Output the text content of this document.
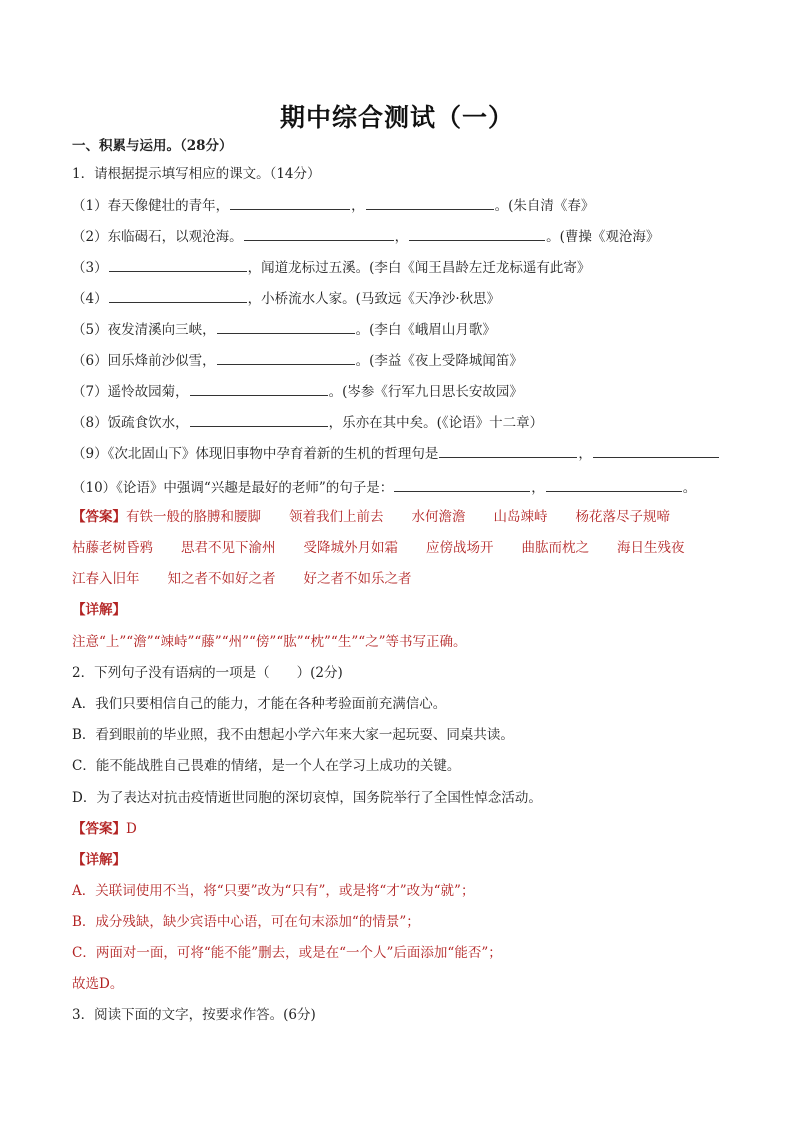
期中综合测试（一）
一、积累与运用。（28分）
1．请根据提示填写相应的课文。（14分）
（1）春天像健壮的青年，	，	。(朱自清《春》
（2）东临碣石，以观沧海。	，	。(曹操《观沧海》
（3）	，闻道龙标过五溪。(李白《闻王昌龄左迁龙标遥有此寄》
（4）	，小桥流水人家。(马致远《天净沙·秋思》
（5）夜发清溪向三峡，	。(李白《峨眉山月歌》
（6）回乐烽前沙似雪，	。(李益《夜上受降城闻笛》
（7）遥怜故园菊，	。(岑参《行军九日思长安故园》
（8）饭疏食饮水，	，乐亦在其中矣。(《论语》十二章）
（9）《次北固山下》体现旧事物中孕育着新的生机的哲理句是	，
（10）《论语》中强调“兴趣是最好的老师”的句子是：	，	。
【答案】有铁一般的胳膊和腰脚 领着我们上前去 水何澹澹 山岛竦峙 杨花落尽子规啼
枯藤老树昏鸦 思君不见下渝州 受降城外月如霜 应傍战场开 曲肱而枕之 海日生残夜
江春入旧年 知之者不如好之者 好之者不如乐之者
【详解】
注意“上”“澹”“竦峙”“藤”“州”“傍”“肱”“枕”“生”“之”等书写正确。
2．下列句子没有语病的一项是（　　）(2分)
A．我们只要相信自己的能力，才能在各种考验面前充满信心。
B．看到眼前的毕业照，我不由想起小学六年来大家一起玩耍、同桌共读。
C．能不能战胜自己畏难的情绪，是一个人在学习上成功的关键。
D．为了表达对抗击疫情逝世同胞的深切哀悼，国务院举行了全国性悼念活动。
【答案】D
【详解】
A．关联词使用不当，将“只要”改为“只有”，或是将“才”改为“就”；
B．成分残缺，缺少宾语中心语，可在句末添加“的情景”；
C．两面对一面，可将“能不能”删去，或是在“一个人”后面添加“能否”；
故选D。
3．阅读下面的文字，按要求作答。(6分)
